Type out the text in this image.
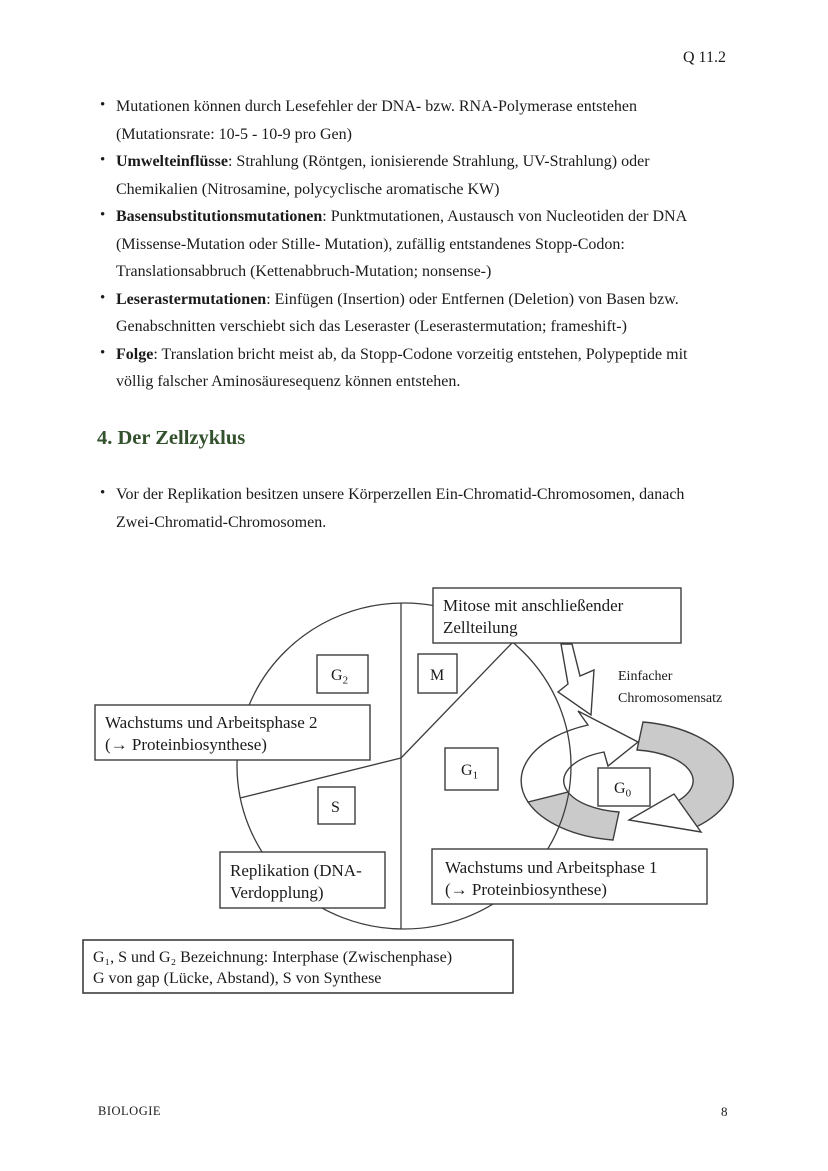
Q 11.2
• Mutationen können durch Lesefehler der DNA- bzw. RNA-Polymerase entstehen
(Mutationsrate: 10-5 - 10-9 pro Gen)
• Umwelteinflüsse: Strahlung (Röntgen, ionisierende Strahlung, UV-Strahlung) oder
Chemikalien (Nitrosamine, polycyclische aromatische KW)
• Basensubstitutionsmutationen: Punktmutationen, Austausch von Nucleotiden der DNA
(Missense-Mutation oder Stille- Mutation), zufällig entstandenes Stopp-Codon:
Translationsabbruch (Kettenabbruch-Mutation; nonsense-)
• Leserastermutationen: Einfügen (Insertion) oder Entfernen (Deletion) von Basen bzw.
Genabschnitten verschiebt sich das Leseraster (Leserastermutation; frameshift-)
• Folge: Translation bricht meist ab, da Stopp-Codone vorzeitig entstehen, Polypeptide mit
völlig falscher Aminosäuresequenz können entstehen.
4. Der Zellzyklus
• Vor der Replikation besitzen unsere Körperzellen Ein-Chromatid-Chromosomen, danach
Zwei-Chromatid-Chromosomen.
Mitose mit anschließender
Zellteilung
$G_2$	M
Wachstums und Arbeitsphase 2
(→ Proteinbiosynthese)
$G_1$
S
$G_0$
Replikation (DNA-
Verdopplung)
Wachstums und Arbeitsphase 1
(→ Proteinbiosynthese)
Einfacher
Chromosomensatz
G₁, S und G₂ Bezeichnung: Interphase (Zwischenphase)
G von gap (Lücke, Abstand), S von Synthese
BIOLOGIE	8
